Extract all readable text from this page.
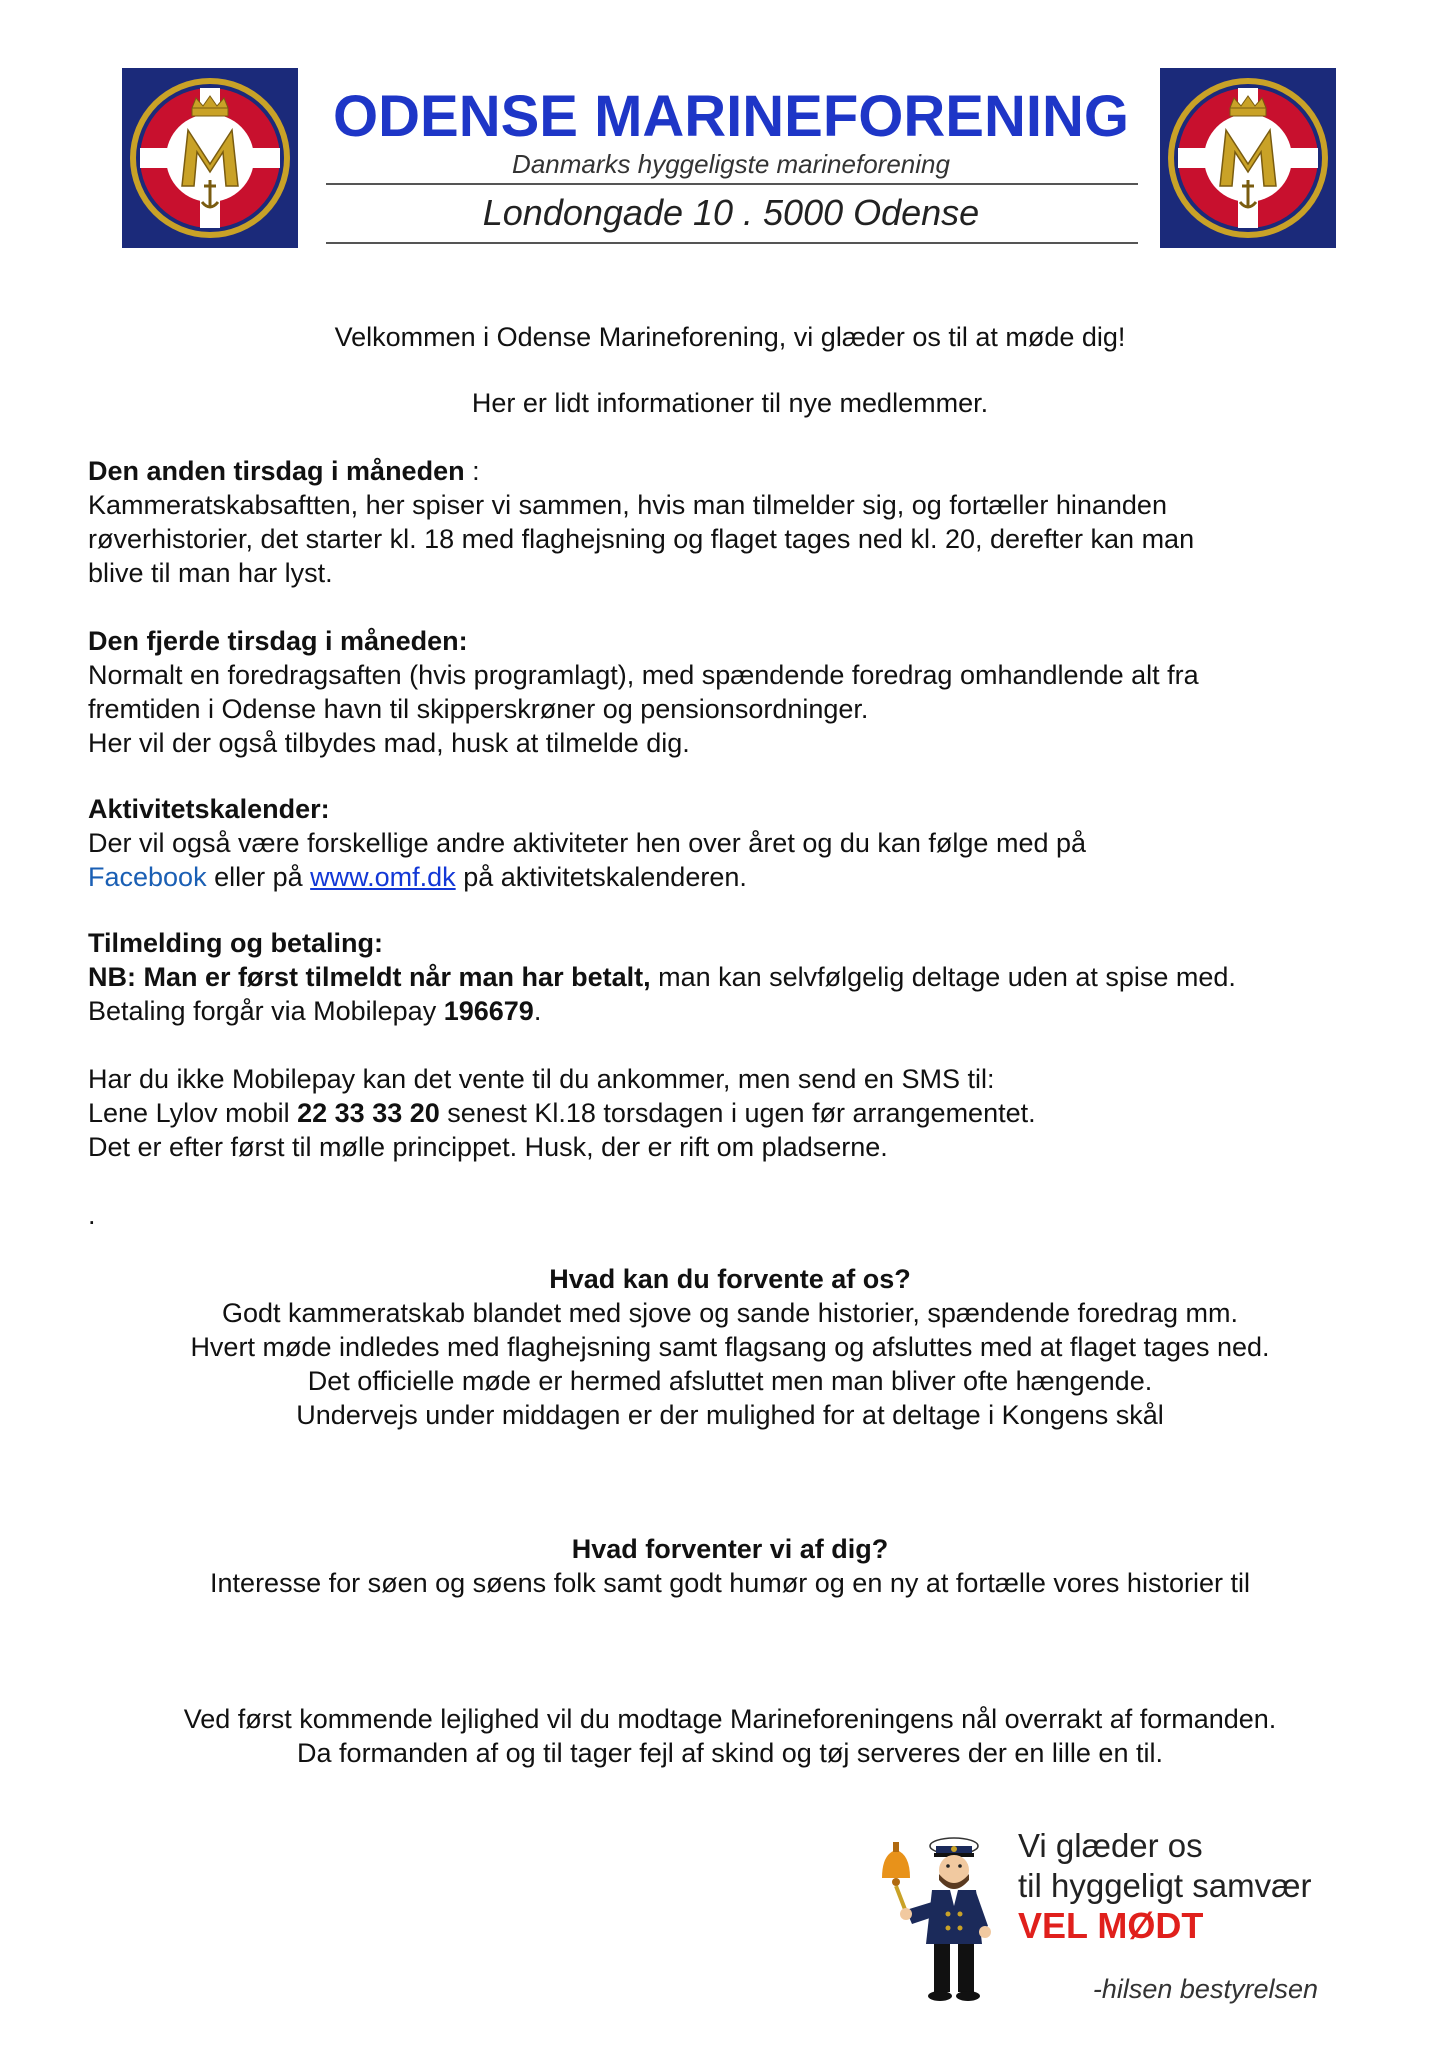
ODENSE MARINEFORENING
Danmarks hyggeligste marineforening
Londongade 10 . 5000 Odense
Velkommen i Odense Marineforening, vi glæder os til at møde dig!
Her er lidt informationer til nye medlemmer.
Den anden tirsdag i måneden :
Kammeratskabsaftten, her spiser vi sammen, hvis man tilmelder sig, og fortæller hinanden
røverhistorier, det starter kl. 18 med flaghejsning og flaget tages ned kl. 20, derefter kan man
blive til man har lyst.
Den fjerde tirsdag i måneden:
Normalt en foredragsaften (hvis programlagt), med spændende foredrag omhandlende alt fra
fremtiden i Odense havn til skipperskrøner og pensionsordninger.
Her vil der også tilbydes mad, husk at tilmelde dig.
Aktivitetskalender:
Der vil også være forskellige andre aktiviteter hen over året og du kan følge med på
Facebook eller på www.omf.dk på aktivitetskalenderen.
Tilmelding og betaling:
NB: Man er først tilmeldt når man har betalt, man kan selvfølgelig deltage uden at spise med.
Betaling forgår via Mobilepay 196679.
Har du ikke Mobilepay kan det vente til du ankommer, men send en SMS til:
Lene Lylov mobil 22 33 33 20 senest Kl.18 torsdagen i ugen før arrangementet.
Det er efter først til mølle princippet. Husk, der er rift om pladserne.
.
Hvad kan du forvente af os?
Godt kammeratskab blandet med sjove og sande historier, spændende foredrag mm.
Hvert møde indledes med flaghejsning samt flagsang og afsluttes med at flaget tages ned.
Det officielle møde er hermed afsluttet men man bliver ofte hængende.
Undervejs under middagen er der mulighed for at deltage i Kongens skål
Hvad forventer vi af dig?
Interesse for søen og søens folk samt godt humør og en ny at fortælle vores historier til
Ved først kommende lejlighed vil du modtage Marineforeningens nål overrakt af formanden.
Da formanden af og til tager fejl af skind og tøj serveres der en lille en til.
Vi glæder os
til hyggeligt samvær
VEL MØDT
-hilsen bestyrelsen
